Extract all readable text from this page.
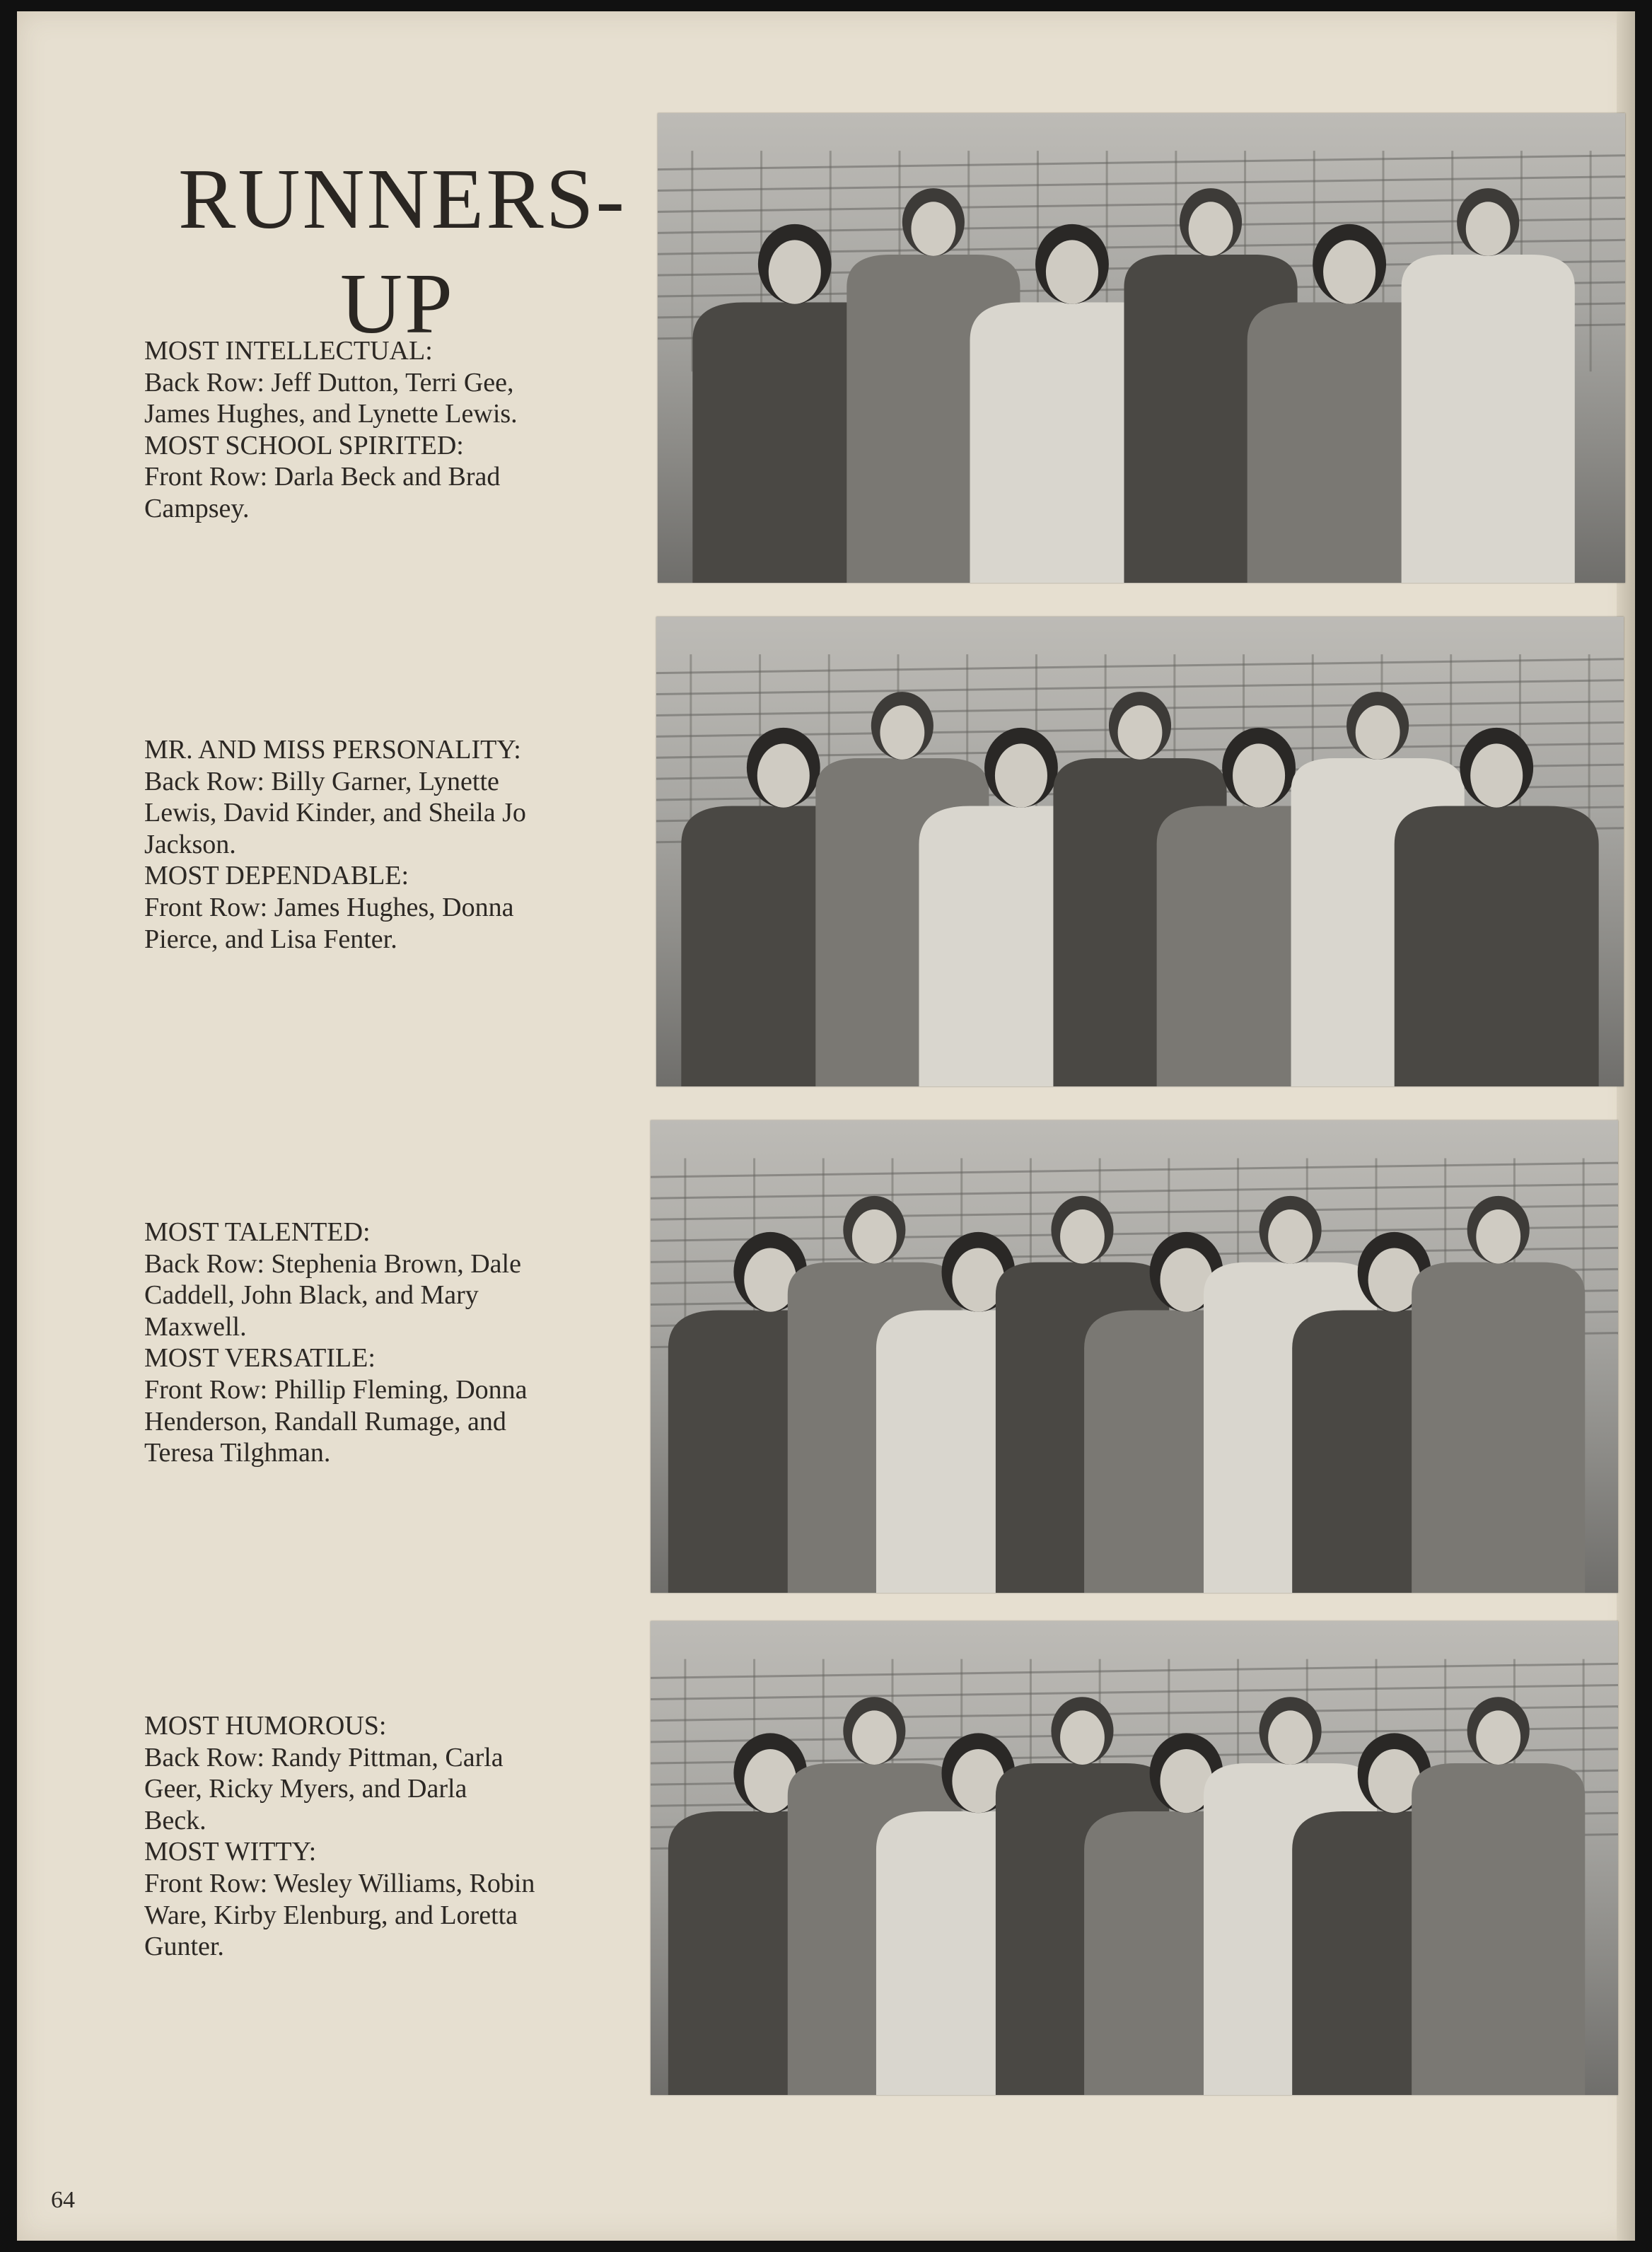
RUNNERS-
UP
MOST INTELLECTUAL:
Back Row: Jeff Dutton, Terri Gee,
James Hughes, and Lynette Lewis.
MOST SCHOOL SPIRITED:
Front Row: Darla Beck and Brad
Campsey.
MR. AND MISS PERSONALITY:
Back Row: Billy Garner, Lynette
Lewis, David Kinder, and Sheila Jo
Jackson.
MOST DEPENDABLE:
Front Row: James Hughes, Donna
Pierce, and Lisa Fenter.
MOST TALENTED:
Back Row: Stephenia Brown, Dale
Caddell, John Black, and Mary
Maxwell.
MOST VERSATILE:
Front Row: Phillip Fleming, Donna
Henderson, Randall Rumage, and
Teresa Tilghman.
MOST HUMOROUS:
Back Row: Randy Pittman, Carla
Geer, Ricky Myers, and Darla
Beck.
MOST WITTY:
Front Row: Wesley Williams, Robin
Ware, Kirby Elenburg, and Loretta
Gunter.
64
